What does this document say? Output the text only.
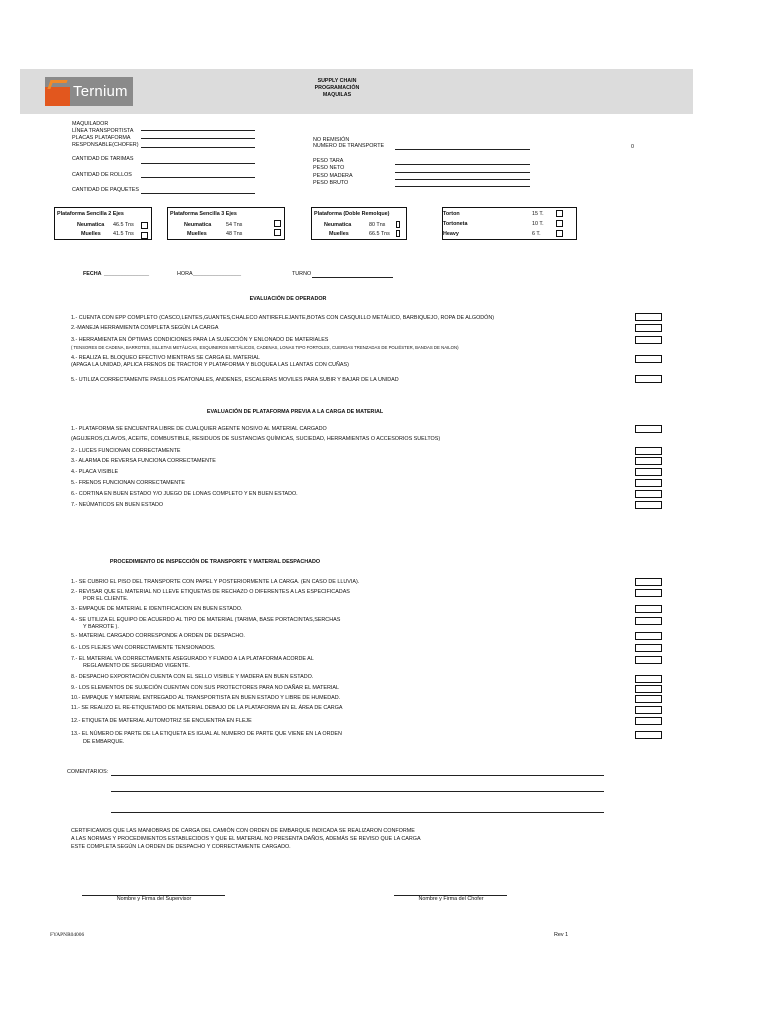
Ternium
SUPPLY CHAIN
PROGRAMACIÓN
MAQUILAS
MAQUILADOR
LÍNEA TRANSPORTISTA
PLACAS PLATAFORMA
RESPONSABLE(CHOFER)
CANTIDAD DE TARIMAS
CANTIDAD DE ROLLOS
CANTIDAD DE PAQUETES
NO REMISIÓN
NUMERO DE TRANSPORTE	0
PESO TARA
PESO NETO
PESO MADERA
PESO BRUTO
Plataforma Sencilla 2 Ejes
Neumatica 46.5 Tns
Muelles 41.5 Tns
Plataforma Sencilla 3 Ejes
Neumatica	54 Tns
Muelles	48 Tns
Plataforma (Doble Remolque)
Neumatica	80 Tns
Muelles	66.5 Tns
Torton	15 T.
Tortoneta	10 T.
Heavy	6 T.
FECHA _______________	HORA ________________	TURNO
EVALUACIÓN DE OPERADOR
1.- CUENTA CON EPP COMPLETO (CASCO,LENTES,GUANTES,CHALECO ANTIREFLEJANTE,BOTAS CON CASQUILLO METÁLICO, BARBIQUEJO, ROPA DE ALGODÓN)
2.-MANEJA HERRAMIENTA COMPLETA SEGÚN LA CARGA
3.- HERRAMIENTA EN ÓPTIMAS CONDICIONES PARA LA SUJECCIÓN Y ENLONADO DE MATERIALES
( TENSORES DE CADENA, BARROTES, SILLETAS METÁLICAS, ESQUINEROS METÁLICOS, CADENAS, LONAS TIPO FORTOLEX, CUERDAS TRENZADAS DE POLIÉSTER, BANDAS DE NAILON)
4.- REALIZA EL BLOQUEO EFECTIVO MIENTRAS SE CARGA EL MATERIAL
(APAGA LA UNIDAD, APLICA FRENOS DE TRACTOR Y PLATAFORMA Y BLOQUEA LAS LLANTAS CON CUÑAS)
5.- UTILIZA CORRECTAMENTE PASILLOS PEATONALES, ANDENES, ESCALERAS MOVILES PARA SUBIR Y BAJAR DE LA UNIDAD
EVALUACIÓN DE PLATAFORMA PREVIA A LA CARGA DE MATERIAL
1.- PLATAFORMA SE ENCUENTRA LIBRE DE CUALQUIER AGENTE NOSIVO AL MATERIAL CARGADO
(AGUJEROS,CLAVOS, ACEITE, COMBUSTIBLE, RESIDUOS DE SUSTANCIAS QUÍMICAS, SUCIEDAD, HERRAMIENTAS O ACCESORIOS SUELTOS)
2.- LUCES FUNCIONAN CORRECTAMENTE
3.- ALARMA DE REVERSA FUNCIONA CORRECTAMENTE
4.- PLACA VISIBLE
5.- FRENOS FUNCIONAN CORRECTAMENTE
6.- CORTINA EN BUEN ESTADO Y/O JUEGO DE LONAS COMPLETO Y EN BUEN ESTADO.
7.- NEÚMATICOS EN BUEN ESTADO
PROCEDIMIENTO DE INSPECCIÓN DE TRANSPORTE Y MATERIAL DESPACHADO
1.- SE CUBRIO EL PISO DEL TRANSPORTE CON PAPEL Y POSTERIORMENTE LA CARGA. (EN CASO DE LLUVIA).
2.- REVISAR QUE EL MATERIAL NO LLEVE ETIQUETAS DE RECHAZO O DIFERENTES A LAS ESPECIFICADAS
POR EL CLIENTE.
3.- EMPAQUE DE MATERIAL E IDENTIFICACION EN BUEN ESTADO.
4.- SE UTILIZA EL EQUIPO DE ACUERDO AL TIPO DE MATERIAL (TARIMA, BASE PORTACINTAS,SERCHAS
Y BARROTE ).
5.- MATERIAL CARGADO CORRESPONDE A ORDEN DE DESPACHO.
6.- LOS FLEJES VAN CORRECTAMENTE TENSIONADOS.
7.- EL MATERIAL VA CORRECTAMENTE ASEGURADO Y FIJADO A LA PLATAFORMA ACORDE AL
REGLAMENTO DE SEGURIDAD VIGENTE.
8.- DESPACHO EXPORTACIÓN CUENTA CON EL SELLO VISIBLE Y MADERA EN BUEN ESTADO.
9.- LOS ELEMENTOS DE SUJECIÓN CUENTAN CON SUS PROTECTORES PARA NO DAÑAR EL MATERIAL
10.- EMPAQUE Y MATERIAL ENTREGADO AL TRANSPORTISTA EN BUEN ESTADO Y LIBRE DE HUMEDAD.
11.- SE REALIZO EL RE-ETIQUETADO DE MATERIAL DEBAJO DE LA PLATAFORMA EN EL ÁREA DE CARGA
12.- ETIQUETA DE MATERIAL AUTOMOTRIZ SE ENCUENTRA EN FLEJE
13.- EL NÚMERO DE PARTE DE LA ETIQUETA ES IGUAL AL NUMERO DE PARTE QUE VIENE EN LA ORDEN
DE EMBARQUE.
COMENTARIOS:
CERTIFICAMOS QUE LAS MANIOBRAS DE CARGA DEL CAMIÓN CON ORDEN DE EMBARQUE INDICADA SE REALIZARON CONFORME
A LAS NORMAS Y PROCEDIMIENTOS ESTABLECIDOS Y QUE EL MATERIAL NO PRESENTA DAÑOS, ADEMÁS SE REVISO QUE LA CARGA
ESTE COMPLETA SEGÚN LA ORDEN DE DESPACHO Y CORRECTAMENTE CARGADO.
Nombre y Firma del Supervisor	Nombre y Firma del Chofer
FYAPNR04006	Rev 1
